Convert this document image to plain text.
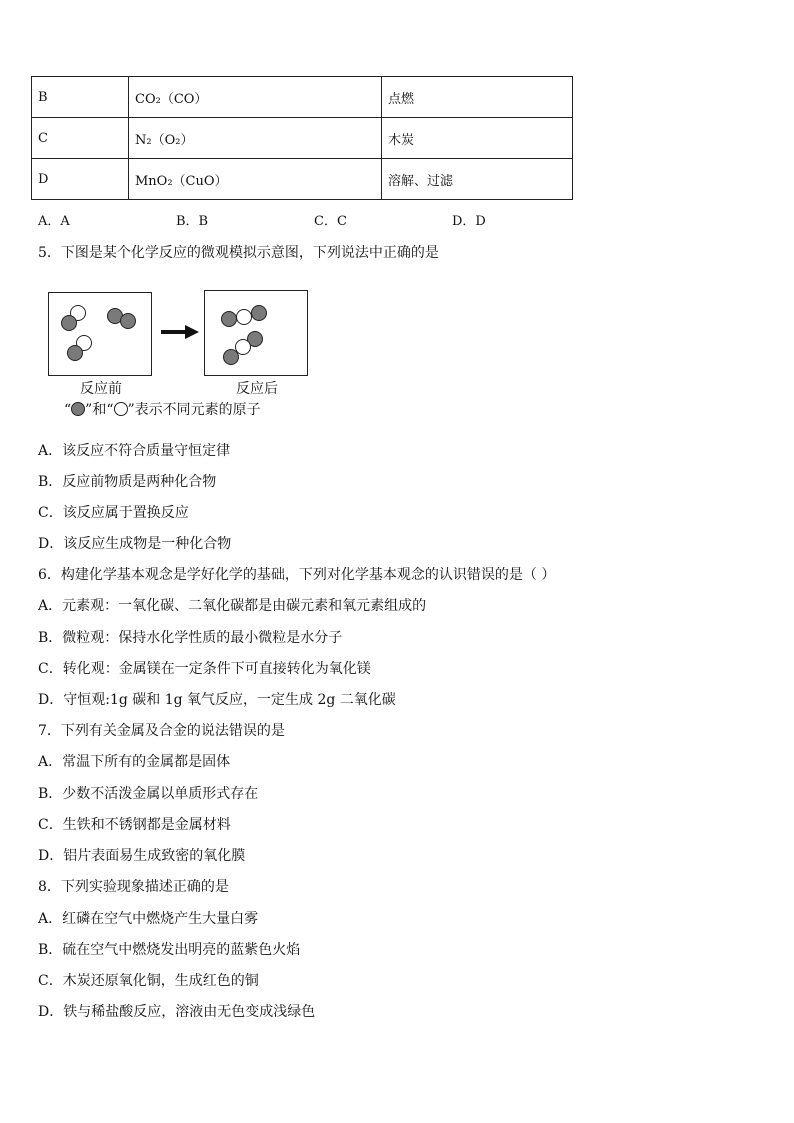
B	CO₂（CO）	点燃
C	N₂（O₂）	木炭
D	MnO₂（CuO）	溶解、过滤
A．A	B．B	C．C	D．D
5．下图是某个化学反应的微观模拟示意图，下列说法中正确的是
反应前	反应后
“ ”和“ ”表示不同元素的原子
A．该反应不符合质量守恒定律
B．反应前物质是两种化合物
C．该反应属于置换反应
D．该反应生成物是一种化合物
6．构建化学基本观念是学好化学的基础，下列对化学基本观念的认识错误的是（ ）
A．元素观：一氧化碳、二氧化碳都是由碳元素和氧元素组成的
B．微粒观：保持水化学性质的最小微粒是水分子
C．转化观：金属镁在一定条件下可直接转化为氧化镁
D．守恒观:1g 碳和 1g 氧气反应，一定生成 2g 二氧化碳
7．下列有关金属及合金的说法错误的是
A．常温下所有的金属都是固体
B．少数不活泼金属以单质形式存在
C．生铁和不锈钢都是金属材料
D．铝片表面易生成致密的氧化膜
8．下列实验现象描述正确的是
A．红磷在空气中燃烧产生大量白雾
B．硫在空气中燃烧发出明亮的蓝紫色火焰
C．木炭还原氧化铜，生成红色的铜
D．铁与稀盐酸反应，溶液由无色变成浅绿色
